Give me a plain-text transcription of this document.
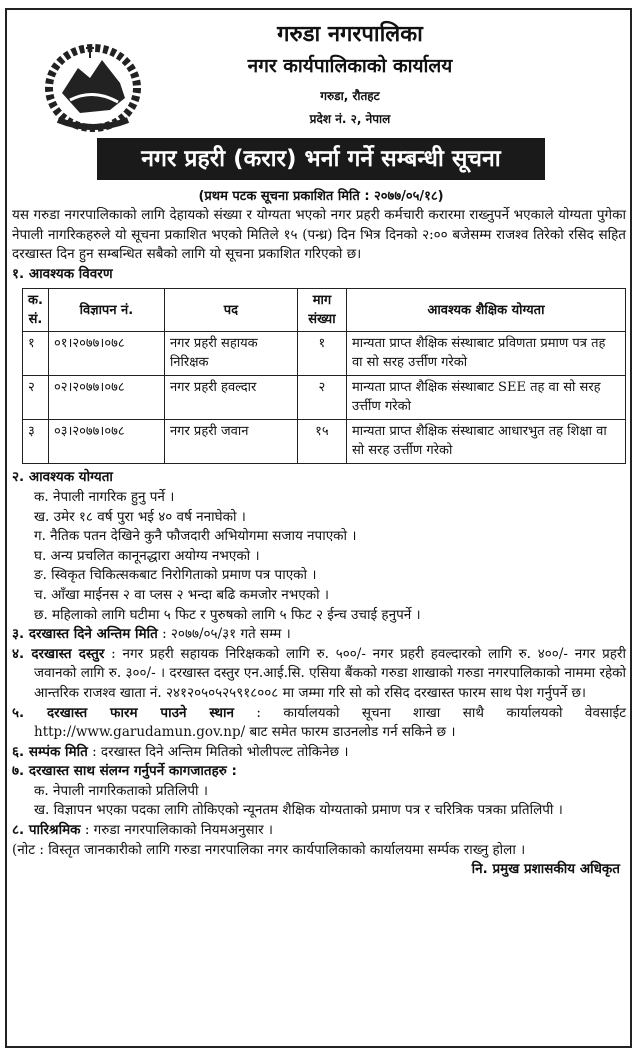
गरुडा नगरपालिका
नगर कार्यपालिकाको कार्यालय
गरुडा, रौतहट
प्रदेश नं. २, नेपाल
नगर प्रहरी (करार) भर्ना गर्ने सम्बन्धी सूचना
(प्रथम पटक सूचना प्रकाशित मिति : २०७७/०५/१८)

यस गरुडा नगरपालिकाको लागि देहायको संख्या र योग्यता भएको नगर प्रहरी कर्मचारी करारमा राख्नुपर्ने भएकाले योग्यता पुगेका नेपाली नागरिकहरुले यो सूचना प्रकाशित भएको मितिले १५ (पन्ध्र) दिन भित्र दिनको २:०० बजेसम्म राजश्व तिरेको रसिद सहित दरखास्त दिन हुन सम्बन्धित सबैको लागि यो सूचना प्रकाशित गरिएको छ।

१. आवश्यक विवरण

क. सं.	विज्ञापन नं.	पद	माग संख्या	आवश्यक शैक्षिक योग्यता
१	०१।२०७७।०७८	नगर प्रहरी सहायक निरिक्षक	१	मान्यता प्राप्त शैक्षिक संस्थाबाट प्रविणता प्रमाण पत्र तह वा सो सरह उर्त्तीण गरेको
२	०२।२०७७।०७८	नगर प्रहरी हवल्दार	२	मान्यता प्राप्त शैक्षिक संस्थाबाट SEE तह वा सो सरह उर्त्तीण गरेको
३	०३।२०७७।०७८	नगर प्रहरी जवान	१५	मान्यता प्राप्त शैक्षिक संस्थाबाट आधारभुत तह शिक्षा वा सो सरह उर्त्तीण गरेको

२. आवश्यक योग्यता

क. नेपाली नागरिक हुनु पर्ने ।

ख. उमेर १८ वर्ष पुरा भई ४० वर्ष ननाघेको ।

ग. नैतिक पतन देखिने कुनै फौजदारी अभियोगमा सजाय नपाएको ।

घ. अन्य प्रचलित कानूनद्धारा अयोग्य नभएको ।

ङ. स्विकृत चिकित्सकबाट निरोगिताको प्रमाण पत्र पाएको ।

च. आँखा माईनस २ वा प्लस २ भन्दा बढि कमजोर नभएको ।

छ. महिलाको लागि घटीमा ५ फिट र पुरुषको लागि ५ फिट २ ईन्च उचाई हनुपर्ने ।

३. दरखास्त दिने अन्तिम मिति : २०७७/०५/३१ गते सम्म ।

४. दरखास्त दस्तुर : नगर प्रहरी सहायक निरिक्षकको लागि रु. ५००/- नगर प्रहरी हवल्दारको लागि रु. ४००/- नगर प्रहरी जवानको लागि रु. ३००/- । दरखास्त दस्तुर एन.आई.सि. एसिया बैंकको गरुडा शाखाको गरुडा नगरपालिकाको नाममा रहेको आन्तरिक राजश्व खाता नं. २४१२०५०५२५९१८००८ मा जम्मा गरि सो को रसिद दरखास्त फारम साथ पेश गर्नुपर्ने छ।

५. दरखास्त फारम पाउने स्थान : कार्यालयको सूचना शाखा साथै कार्यालयको वेवसाईट http://www.garudamun.gov.np/ बाट समेत फारम डाउनलोड गर्न सकिने छ ।

६. सम्पंक मिति : दरखास्त दिने अन्तिम मितिको भोलीपल्ट तोकिनेछ ।

७. दरखास्त साथ संलग्न गर्नुपर्ने कागजातहरु :

क. नेपाली नागरिकताको प्रतिलिपी ।

ख. विज्ञापन भएका पदका लागि तोकिएको न्यूनतम शैक्षिक योग्यताको प्रमाण पत्र र चरित्रिक पत्रका प्रतिलिपी ।

८. पारिश्रमिक : गरुडा नगरपालिकाको नियमअनुसार ।

(नोट : विस्तृत जानकारीको लागि गरुडा नगरपालिका नगर कार्यपालिकाको कार्यालयमा सर्म्पक राख्नु होला ।

नि. प्रमुख प्रशासकीय अधिकृत
